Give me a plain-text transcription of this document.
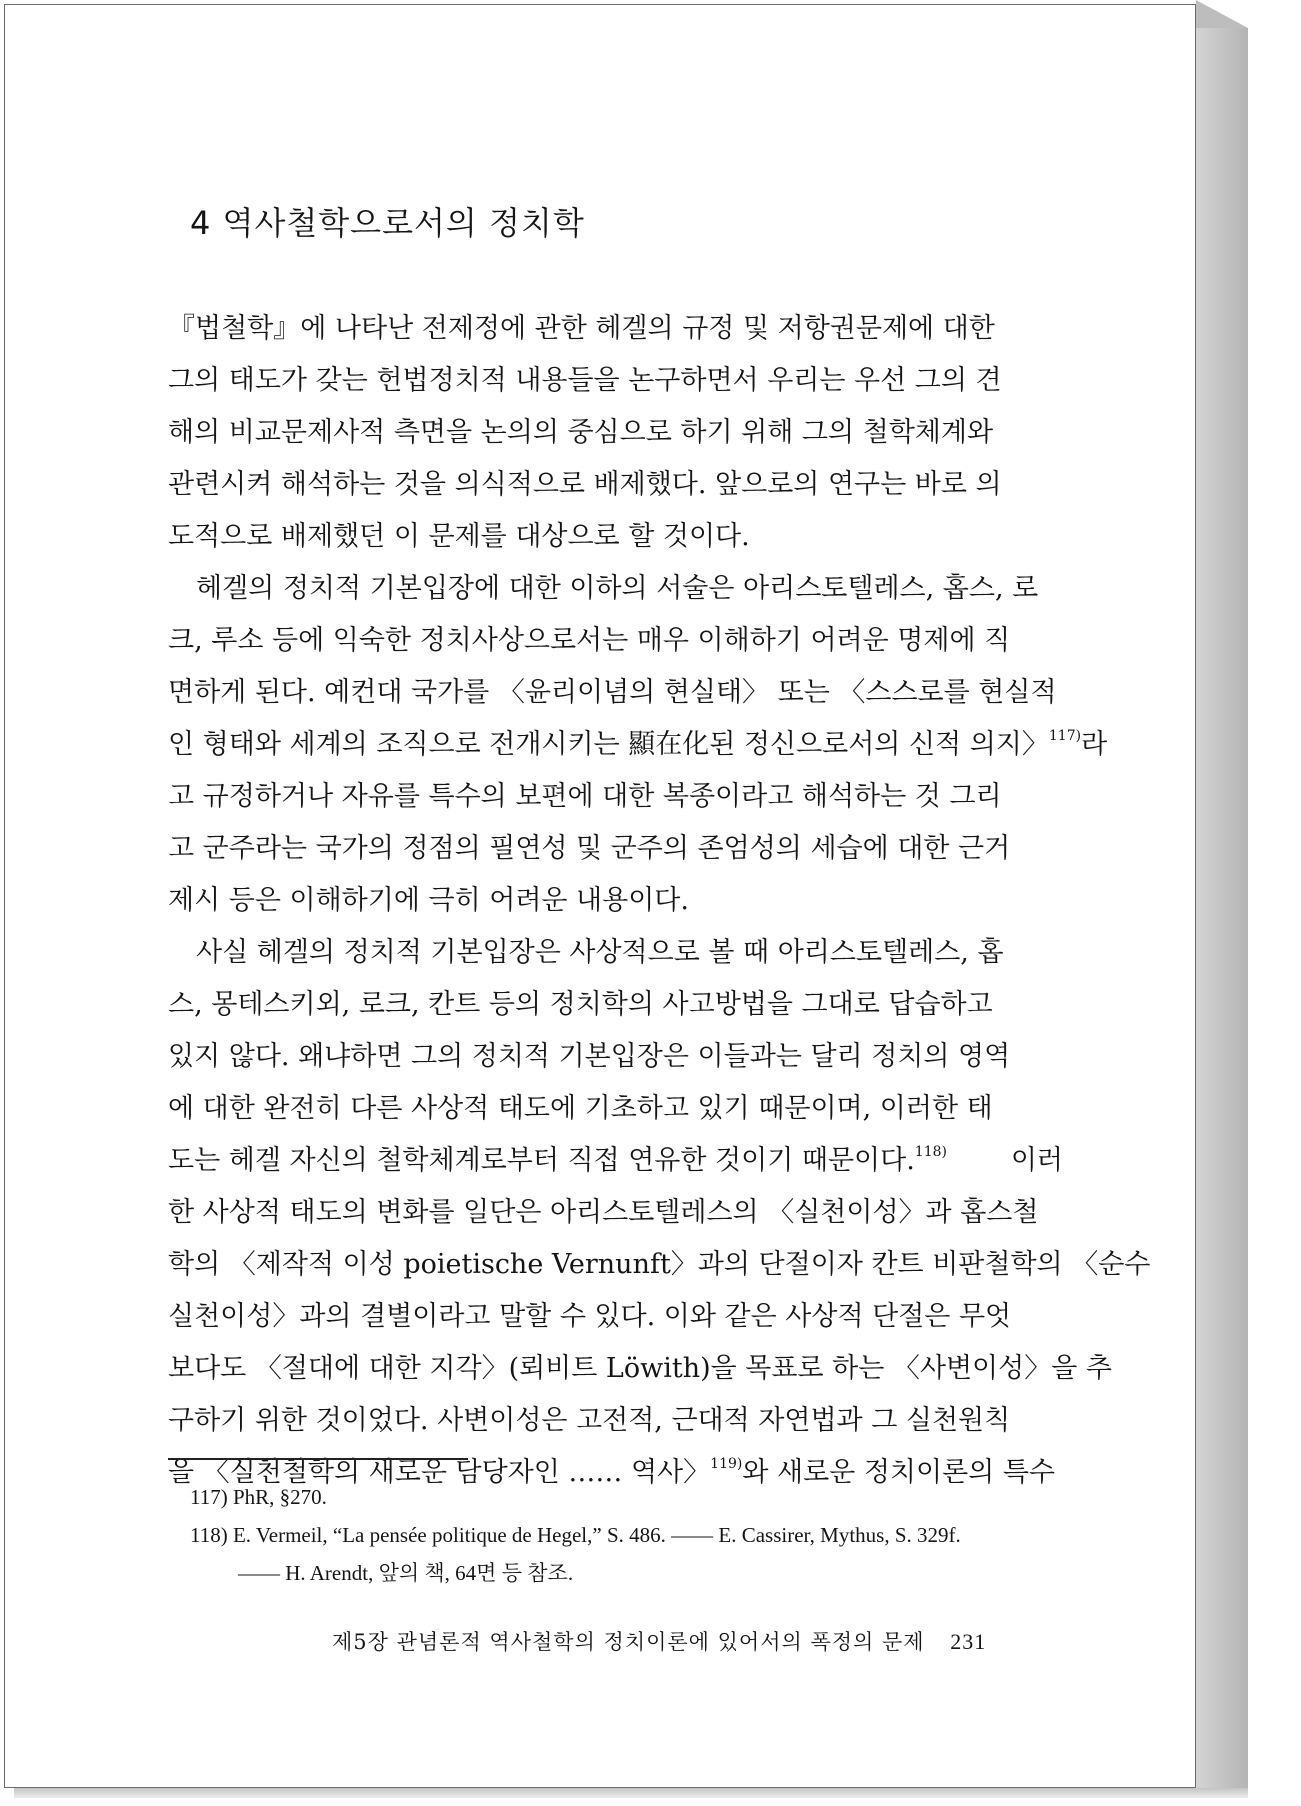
4 역사철학으로서의 정치학
『법철학』에 나타난 전제정에 관한 헤겔의 규정 및 저항권문제에 대한
그의 태도가 갖는 헌법정치적 내용들을 논구하면서 우리는 우선 그의 견
해의 비교문제사적 측면을 논의의 중심으로 하기 위해 그의 철학체계와
관련시켜 해석하는 것을 의식적으로 배제했다. 앞으로의 연구는 바로 의
도적으로 배제했던 이 문제를 대상으로 할 것이다.
헤겔의 정치적 기본입장에 대한 이하의 서술은 아리스토텔레스, 홉스, 로
크, 루소 등에 익숙한 정치사상으로서는 매우 이해하기 어려운 명제에 직
면하게 된다. 예컨대 국가를 〈윤리이념의 현실태〉 또는 〈스스로를 현실적
인 형태와 세계의 조직으로 전개시키는 顯在化된 정신으로서의 신적 의지〉$^{117)}$라
고 규정하거나 자유를 특수의 보편에 대한 복종이라고 해석하는 것 그리
고 군주라는 국가의 정점의 필연성 및 군주의 존엄성의 세습에 대한 근거
제시 등은 이해하기에 극히 어려운 내용이다.
사실 헤겔의 정치적 기본입장은 사상적으로 볼 때 아리스토텔레스, 홉
스, 몽테스키외, 로크, 칸트 등의 정치학의 사고방법을 그대로 답습하고
있지 않다. 왜냐하면 그의 정치적 기본입장은 이들과는 달리 정치의 영역
에 대한 완전히 다른 사상적 태도에 기초하고 있기 때문이며, 이러한 태
도는 헤겔 자신의 철학체계로부터 직접 연유한 것이기 때문이다.$^{118)}$ 이러
한 사상적 태도의 변화를 일단은 아리스토텔레스의 〈실천이성〉과 홉스철
학의 〈제작적 이성 poietische Vernunft〉과의 단절이자 칸트 비판철학의 〈순수
실천이성〉과의 결별이라고 말할 수 있다. 이와 같은 사상적 단절은 무엇
보다도 〈절대에 대한 지각〉(뢰비트 Löwith)을 목표로 하는 〈사변이성〉을 추
구하기 위한 것이었다. 사변이성은 고전적, 근대적 자연법과 그 실천원칙
을 〈실천철학의 새로운 담당자인 …… 역사〉$^{119)}$와 새로운 정치이론의 특수
117) PhR, §270.
118) E. Vermeil, “La pensée politique de Hegel,” S. 486. —— E. Cassirer, Mythus, S. 329f.
—— H. Arendt, 앞의 책, 64면 등 참조.

제5장 관념론적 역사철학의 정치이론에 있어서의 폭정의 문제 231
